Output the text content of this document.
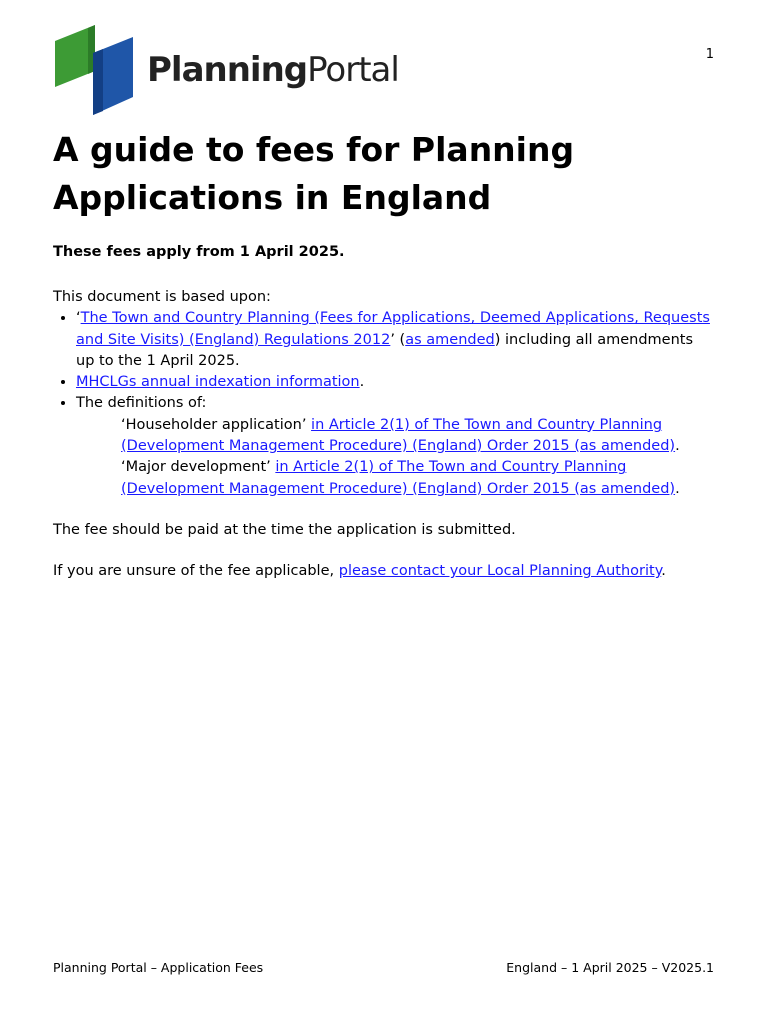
1
PlanningPortal
A guide to fees for Planning Applications in England
These fees apply from 1 April 2025.

This document is based upon:

• ‘The Town and Country Planning (Fees for Applications, Deemed Applications, Requests and Site Visits) (England) Regulations 2012’ (as amended) including all amendments up to the 1 April 2025.
• MHCLGs annual indexation information.
• The definitions of:
‘Householder application’ in Article 2(1) of The Town and Country Planning (Development Management Procedure) (England) Order 2015 (as amended).
‘Major development’ in Article 2(1) of The Town and Country Planning (Development Management Procedure) (England) Order 2015 (as amended).

The fee should be paid at the time the application is submitted.

If you are unsure of the fee applicable, please contact your Local Planning Authority.

Planning Portal – Application Fees	England – 1 April 2025 – V2025.1
